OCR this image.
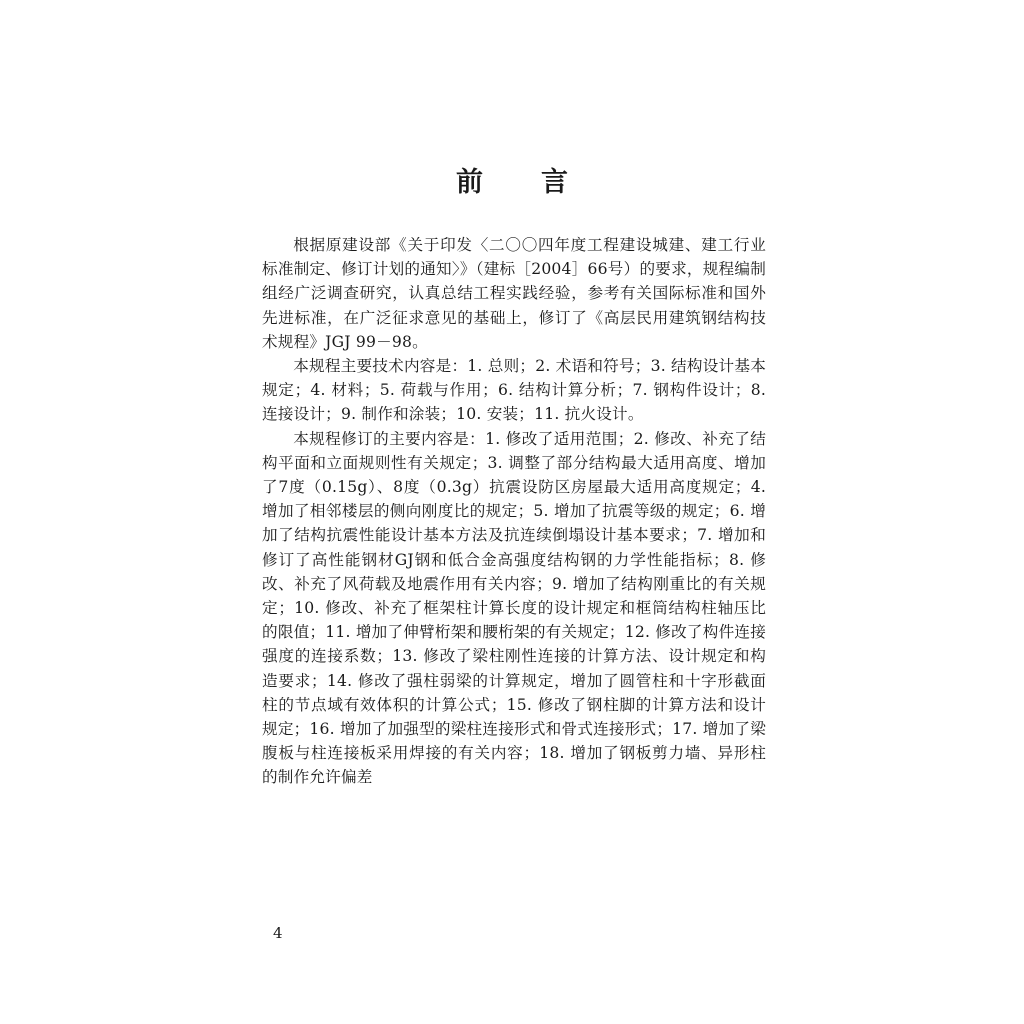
前 言

根据原建设部《关于印发〈二〇〇四年度工程建设城建、建工行业标准制定、修订计划的通知〉》（建标［2004］66号）的要求，规程编制组经广泛调查研究，认真总结工程实践经验，参考有关国际标准和国外先进标准，在广泛征求意见的基础上，修订了《高层民用建筑钢结构技术规程》JGJ 99－98。

本规程主要技术内容是：1. 总则；2. 术语和符号；3. 结构设计基本规定；4. 材料；5. 荷载与作用；6. 结构计算分析；7. 钢构件设计；8. 连接设计；9. 制作和涂装；10. 安装；11. 抗火设计。

本规程修订的主要内容是：1. 修改了适用范围；2. 修改、补充了结构平面和立面规则性有关规定；3. 调整了部分结构最大适用高度、增加了7度（0.15g）、8度（0.3g）抗震设防区房屋最大适用高度规定；4. 增加了相邻楼层的侧向刚度比的规定；5. 增加了抗震等级的规定；6. 增加了结构抗震性能设计基本方法及抗连续倒塌设计基本要求；7. 增加和修订了高性能钢材GJ钢和低合金高强度结构钢的力学性能指标；8. 修改、补充了风荷载及地震作用有关内容；9. 增加了结构刚重比的有关规定；10. 修改、补充了框架柱计算长度的设计规定和框筒结构柱轴压比的限值；11. 增加了伸臂桁架和腰桁架的有关规定；12. 修改了构件连接强度的连接系数；13. 修改了梁柱刚性连接的计算方法、设计规定和构造要求；14. 修改了强柱弱梁的计算规定，增加了圆管柱和十字形截面柱的节点域有效体积的计算公式；15. 修改了钢柱脚的计算方法和设计规定；16. 增加了加强型的梁柱连接形式和骨式连接形式；17. 增加了梁腹板与柱连接板采用焊接的有关内容；18. 增加了钢板剪力墙、异形柱的制作允许偏差

4
